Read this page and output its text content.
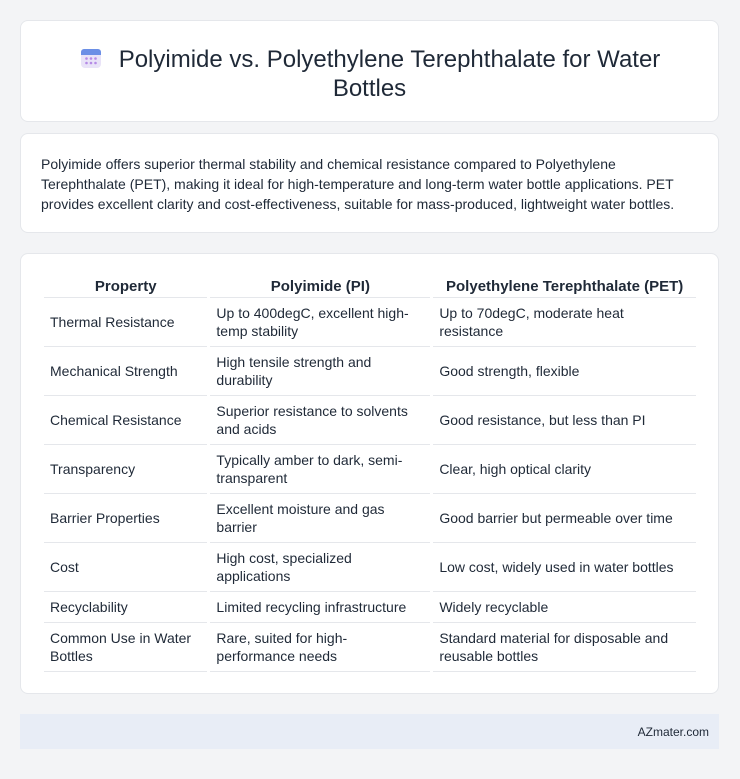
Polyimide vs. Polyethylene Terephthalate for Water Bottles

Polyimide offers superior thermal stability and chemical resistance compared to Polyethylene Terephthalate (PET), making it ideal for high-temperature and long-term water bottle applications. PET provides excellent clarity and cost-effectiveness, suitable for mass-produced, lightweight water bottles.

Property	Polyimide (PI)	Polyethylene Terephthalate (PET)
Thermal Resistance	Up to 400degC, excellent high-temp stability	Up to 70degC, moderate heat resistance
Mechanical Strength	High tensile strength and durability	Good strength, flexible
Chemical Resistance	Superior resistance to solvents and acids	Good resistance, but less than PI
Transparency	Typically amber to dark, semi-transparent	Clear, high optical clarity
Barrier Properties	Excellent moisture and gas barrier	Good barrier but permeable over time
Cost	High cost, specialized applications	Low cost, widely used in water bottles
Recyclability	Limited recycling infrastructure	Widely recyclable
Common Use in Water Bottles	Rare, suited for high-performance needs	Standard material for disposable and reusable bottles
AZmater.com
